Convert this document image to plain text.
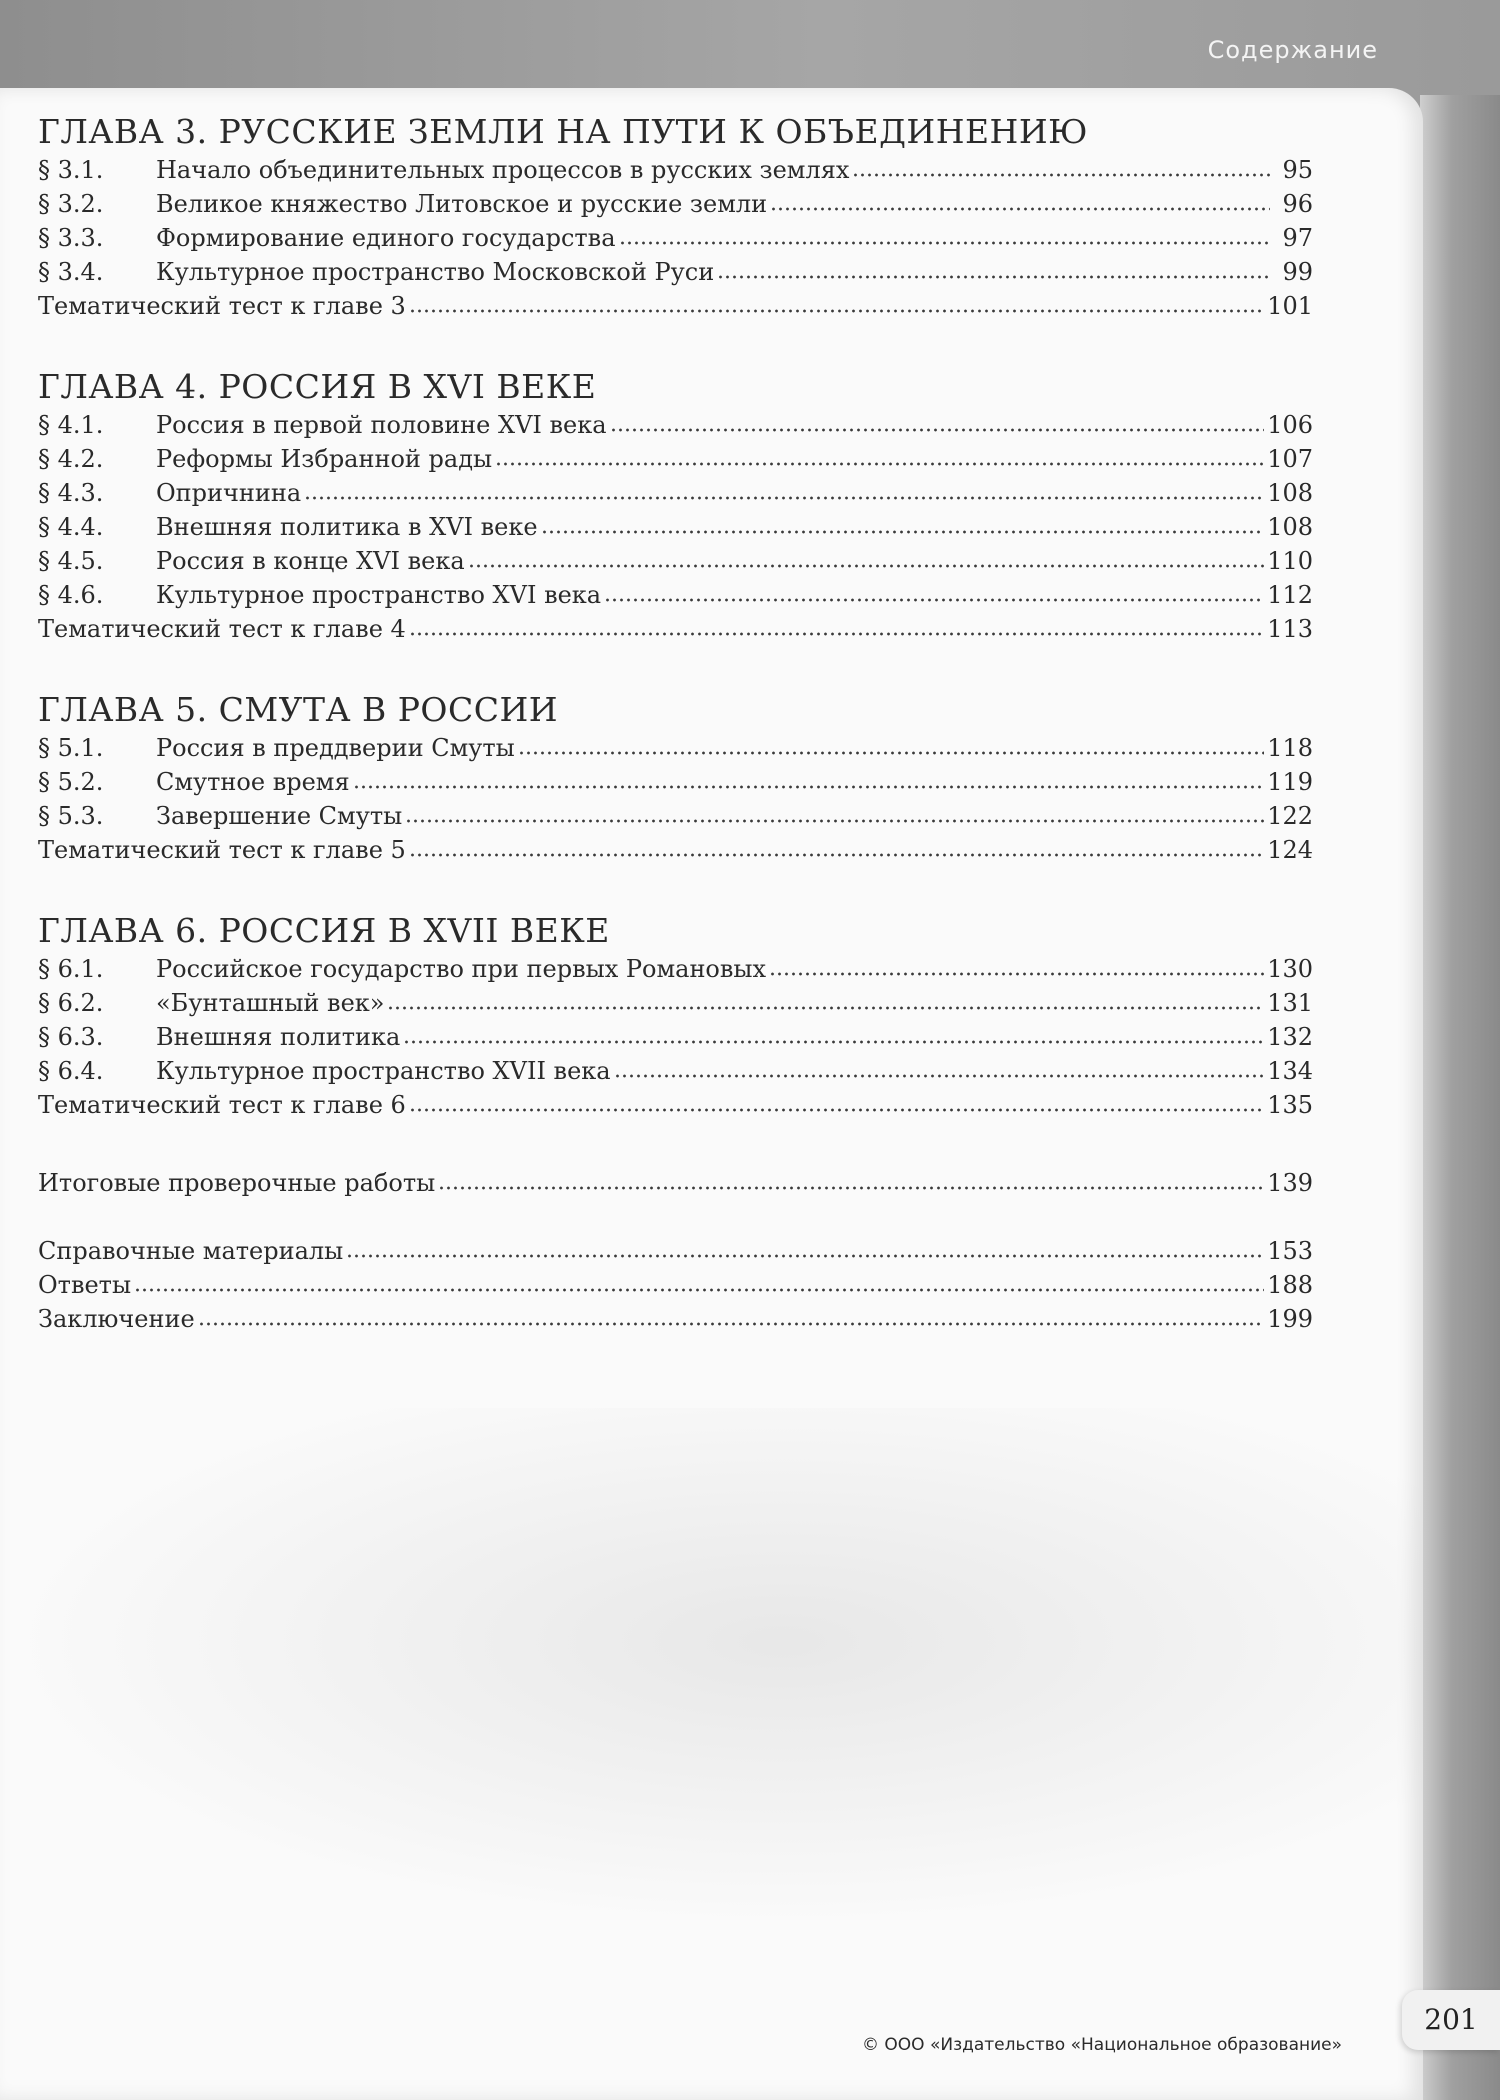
Содержание
ГЛАВА 3. РУССКИЕ ЗЕМЛИ НА ПУТИ К ОБЪЕДИНЕНИЮ
§ 3.1.	Начало объединительных процессов в русских землях	95
§ 3.2.	Великое княжество Литовское и русские земли	96
§ 3.3.	Формирование единого государства	97
§ 3.4.	Культурное пространство Московской Руси	99
Тематический тест к главе 3	101
ГЛАВА 4. РОССИЯ В XVI ВЕКЕ
§ 4.1.	Россия в первой половине XVI века	106
§ 4.2.	Реформы Избранной рады	107
§ 4.3.	Опричнина	108
§ 4.4.	Внешняя политика в XVI веке	108
§ 4.5.	Россия в конце XVI века	110
§ 4.6.	Культурное пространство XVI века	112
Тематический тест к главе 4	113
ГЛАВА 5. СМУТА В РОССИИ
§ 5.1.	Россия в преддверии Смуты	118
§ 5.2.	Смутное время	119
§ 5.3.	Завершение Смуты	122
Тематический тест к главе 5	124
ГЛАВА 6. РОССИЯ В XVII ВЕКЕ
§ 6.1.	Российское государство при первых Романовых	130
§ 6.2.	«Бунташный век»	131
§ 6.3.	Внешняя политика	132
§ 6.4.	Культурное пространство XVII века	134
Тематический тест к главе 6	135
Итоговые проверочные работы	139
Справочные материалы	153
Ответы	188
Заключение	199
© ООО «Издательство «Национальное образование»
201
